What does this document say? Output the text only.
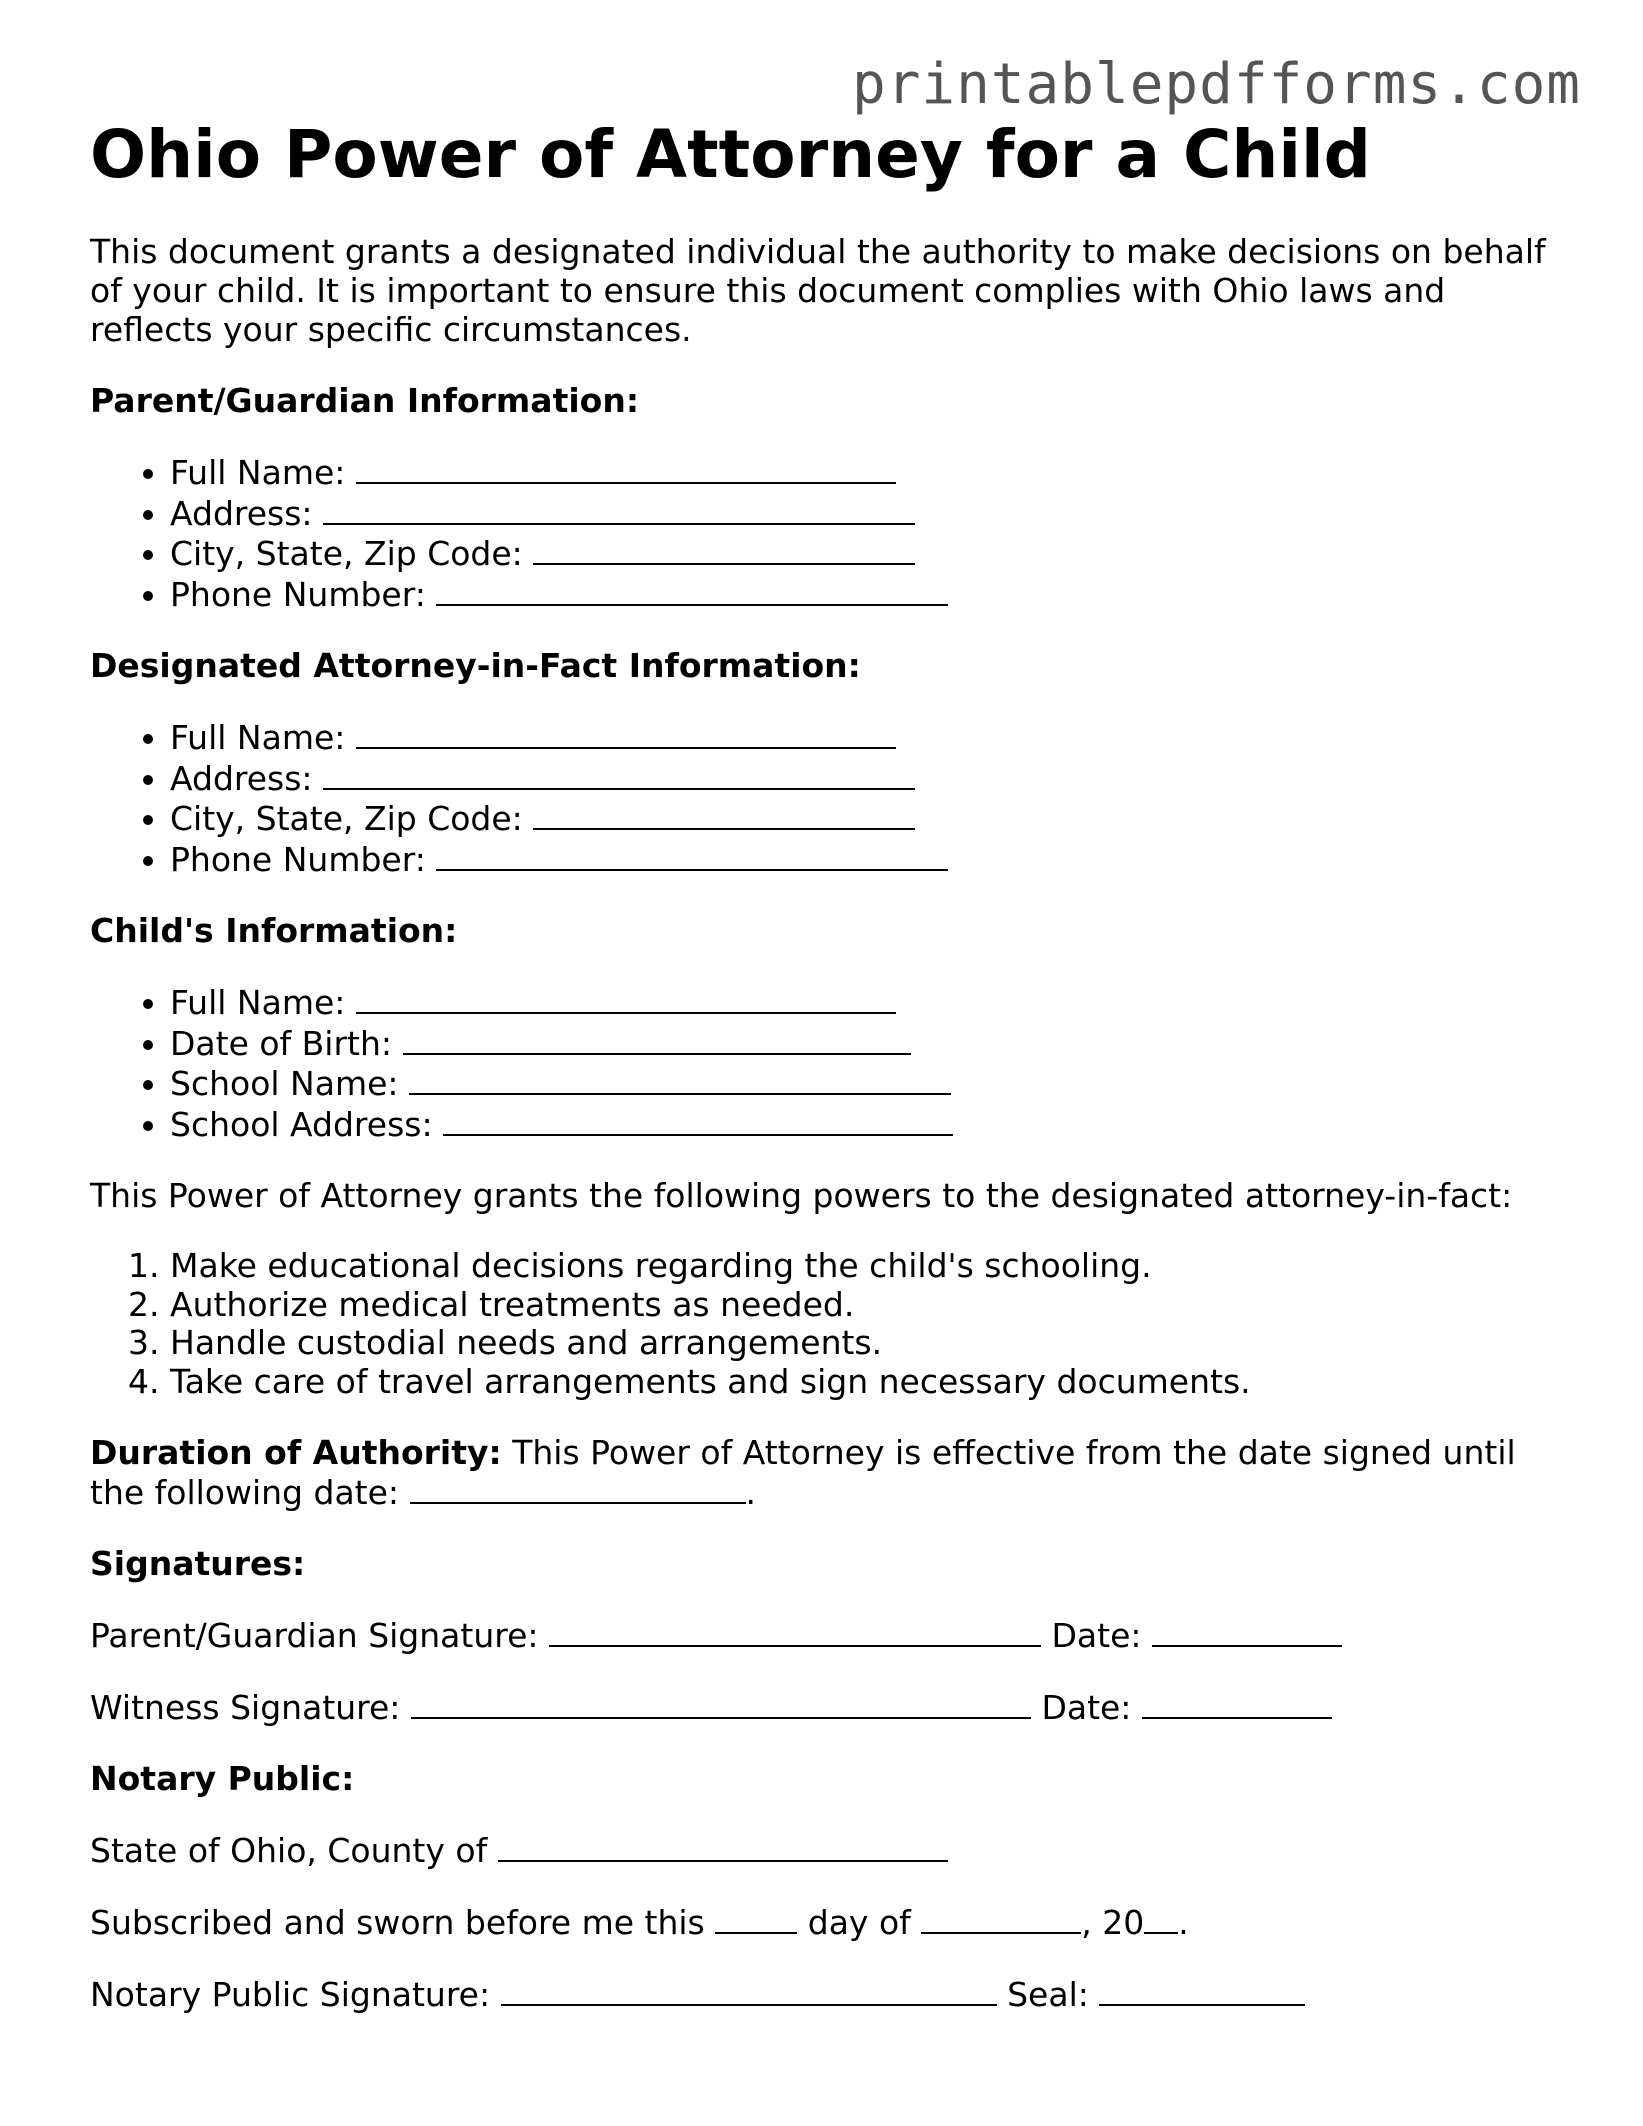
printablepdfforms.com
Ohio Power of Attorney for a Child

This document grants a designated individual the authority to make decisions on behalf of your child. It is important to ensure this document complies with Ohio laws and reflects your specific circumstances.

Parent/Guardian Information:

• Full Name:
• Address:
• City, State, Zip Code:
• Phone Number:

Designated Attorney-in-Fact Information:

• Full Name:
• Address:
• City, State, Zip Code:
• Phone Number:

Child's Information:

• Full Name:
• Date of Birth:
• School Name:
• School Address:

This Power of Attorney grants the following powers to the designated attorney-in-fact:

1. Make educational decisions regarding the child's schooling.
2. Authorize medical treatments as needed.
3. Handle custodial needs and arrangements.
4. Take care of travel arrangements and sign necessary documents.

Duration of Authority: This Power of Attorney is effective from the date signed until the following date:	.

Signatures:

Parent/Guardian Signature:	Date:

Witness Signature:	Date:

Notary Public:

State of Ohio, County of

Subscribed and sworn before me this	day of	, 20 .

Notary Public Signature:	Seal:
